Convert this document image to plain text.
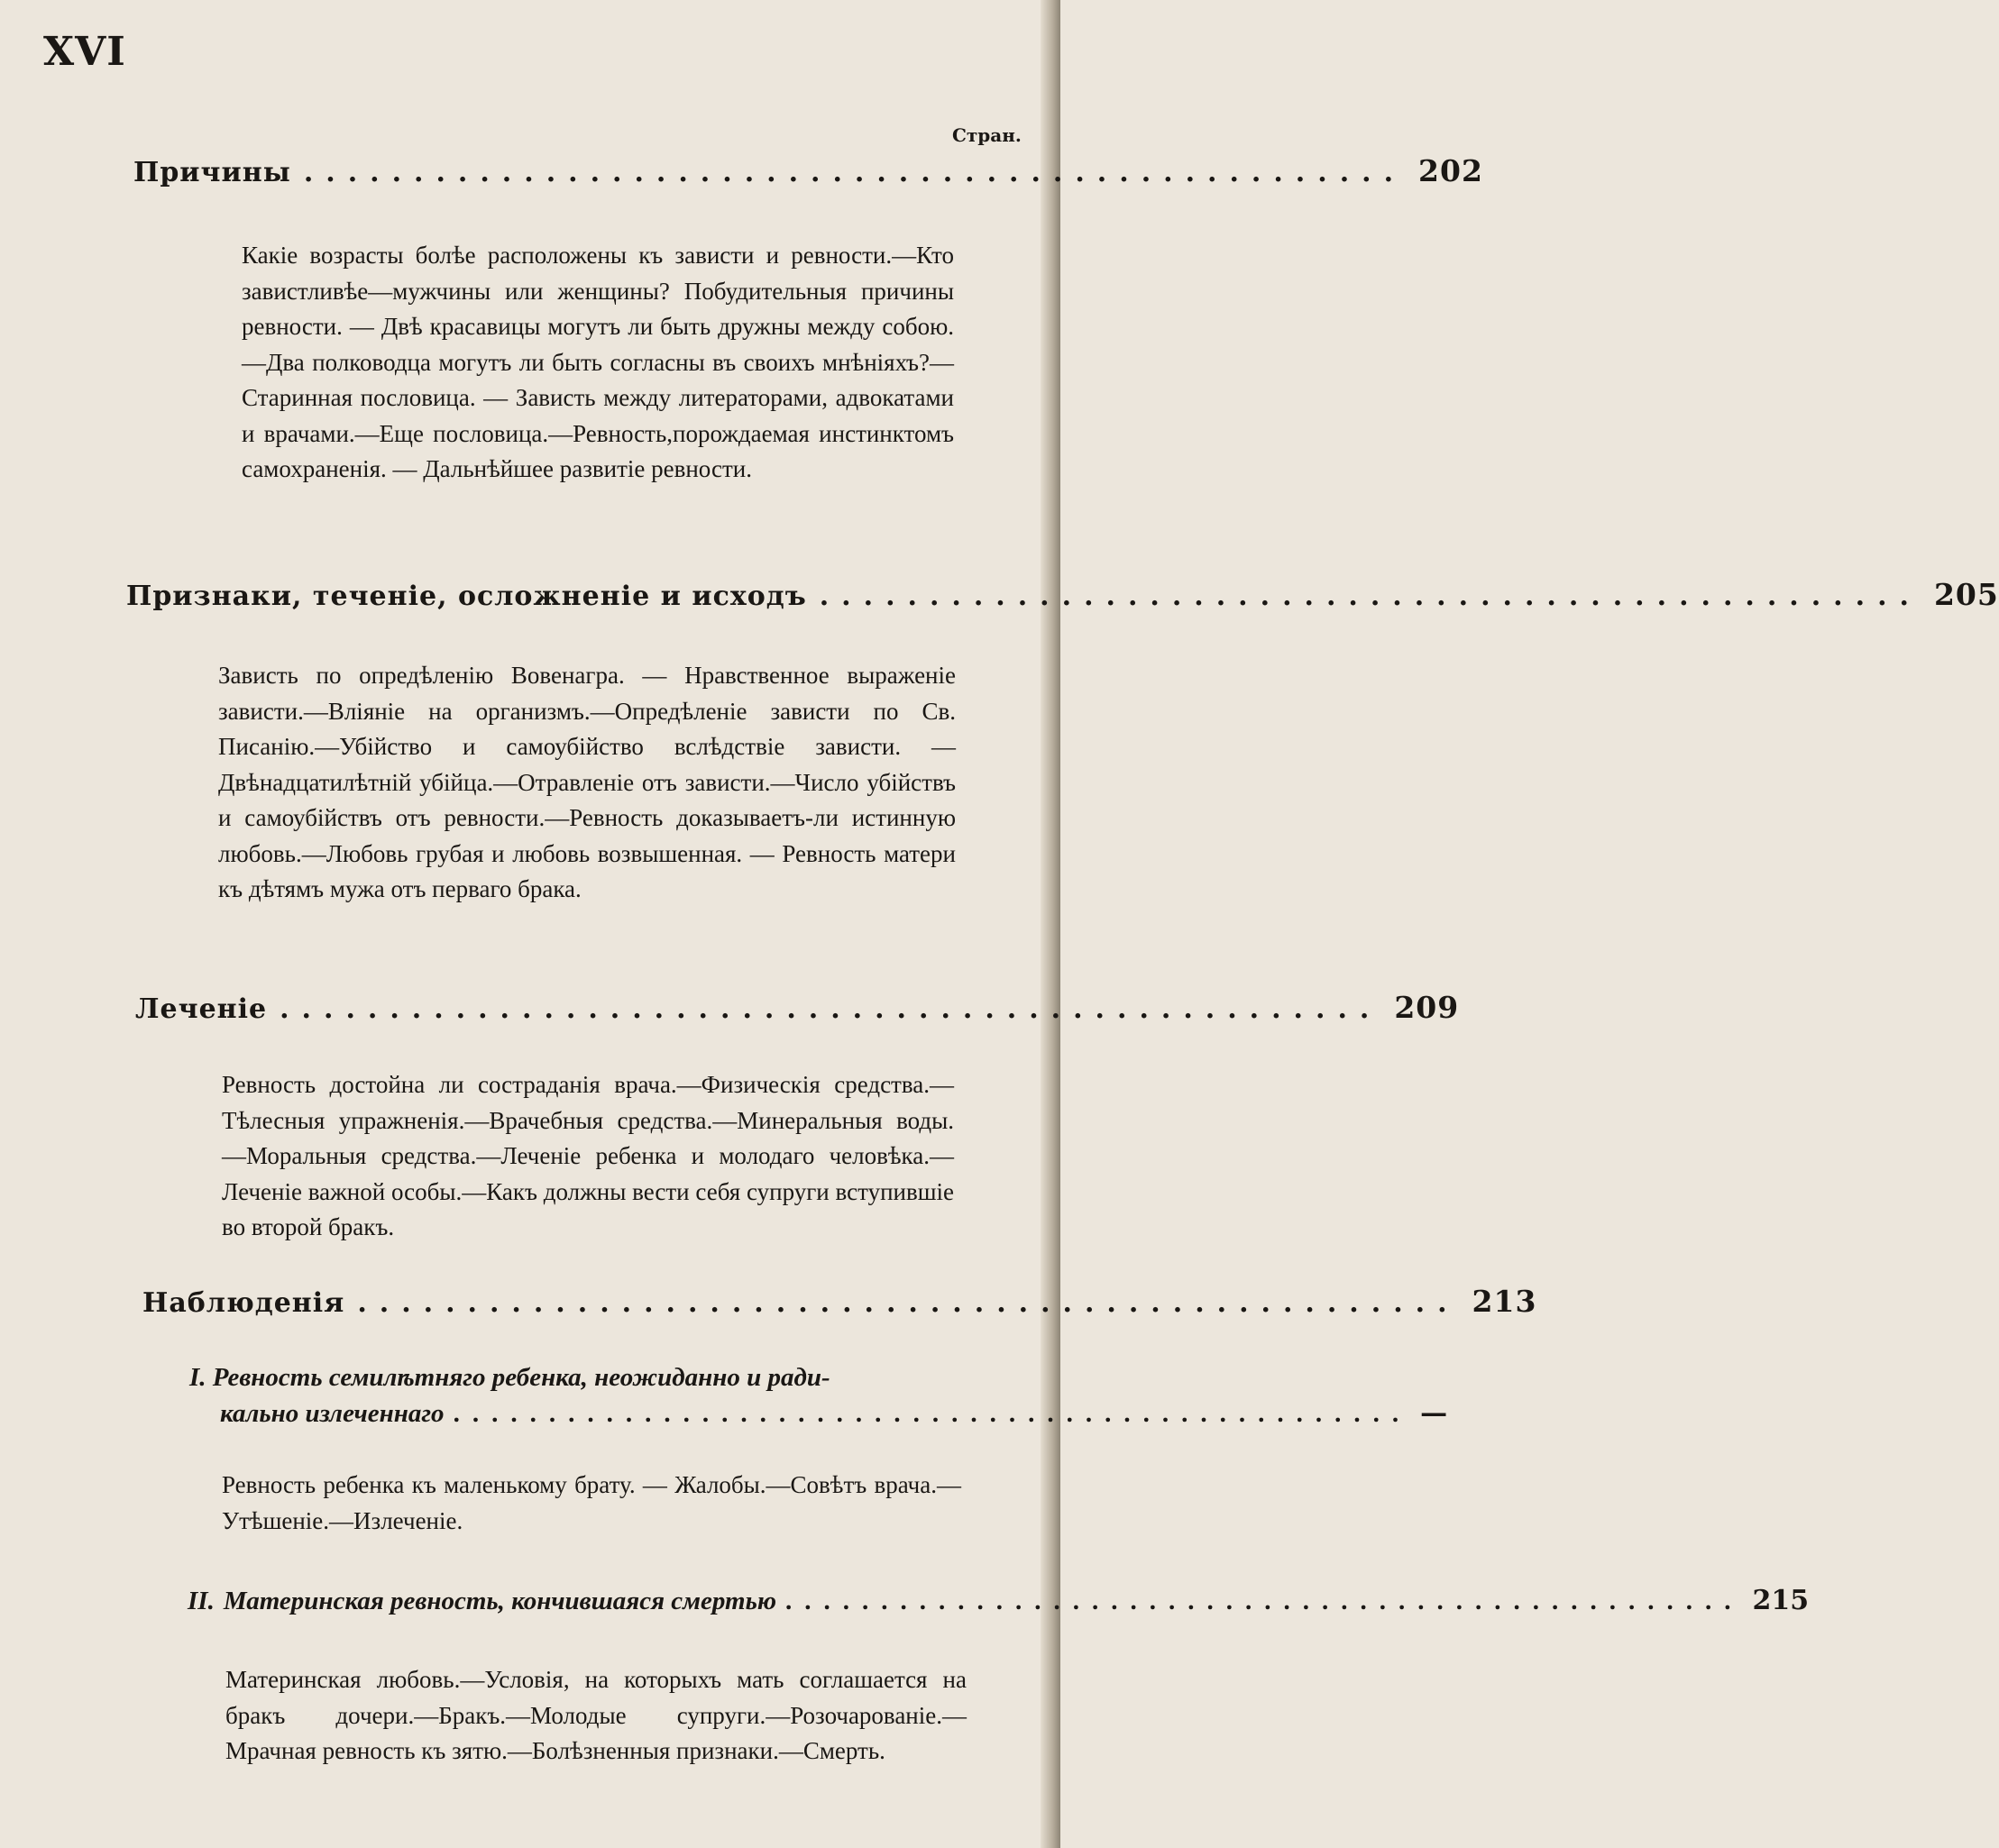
XVI
Стран.
Причины .................................................. 202
Какіе возрасты болѣе расположены къ зависти и ревности.—Кто завистливѣе—мужчины или женщины? Побудительныя причины ревности. — Двѣ красавицы могутъ ли быть дружны между собою.—Два полководца могутъ ли быть согласны въ своихъ мнѣніяхъ?—Старинная пословица. — Зависть между литераторами, адвокатами и врачами.—Еще пословица.—Ревность,порождаемая инстинктомъ самохраненія. — Дальнѣйшее развитіе ревности.
Признаки, теченіе, осложненіе и исходъ .................................................. 205
Зависть по опредѣленію Вовенагра. — Нравственное выраженіе зависти.—Вліяніе на организмъ.—Опредѣленіе зависти по Св. Писанію.—Убійство и самоубійство вслѣдствіе зависти. — Двѣнадцатилѣтній убійца.—Отравленіе отъ зависти.—Число убійствъ и самоубійствъ отъ ревности.—Ревность доказываетъ-ли истинную любовь.—Любовь грубая и любовь возвышенная. — Ревность матери къ дѣтямъ мужа отъ перваго брака.
Леченіе .................................................. 209
Ревность достойна ли состраданія врача.—Физическія средства.—Тѣлесныя упражненія.—Врачебныя средства.—Минеральныя воды.—Моральныя средства.—Леченіе ребенка и молодаго человѣка.—Леченіе важной особы.—Какъ должны вести себя супруги вступившіе во второй бракъ.
Наблюденія .................................................. 213
I. Ревность семилѣтняго ребенка, неожиданно и ради-
кально излеченнаго .................................................. —
Ревность ребенка къ маленькому брату. — Жалобы.—Совѣтъ врача.—Утѣшеніе.—Излеченіе.
II. Материнская ревность, кончившаяся смертью .................................................. 215
Материнская любовь.—Условія, на которыхъ мать соглашается на бракъ дочери.—Бракъ.—Молодые супруги.—Розочарованіе.—Мрачная ревность къ зятю.—Болѣзненныя признаки.—Смерть.
